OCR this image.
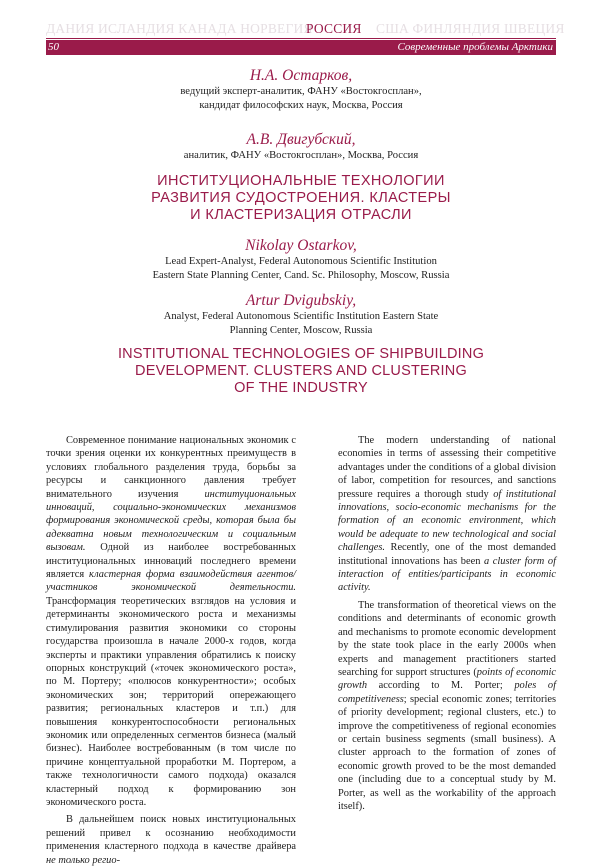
ДАНИЯ ИСЛАНДИЯ КАНАДА НОРВЕГИЯ
РОССИЯ США ФИНЛЯНДИЯ ШВЕЦИЯ
50	Современные проблемы Арктики
Н.А. Остарков,
ведущий эксперт-аналитик, ФАНУ «Востокгосплан»,
кандидат философских наук, Москва, Россия
А.В. Двигубский,
аналитик, ФАНУ «Востокгосплан», Москва, Россия
ИНСТИТУЦИОНАЛЬНЫЕ ТЕХНОЛОГИИ
РАЗВИТИЯ СУДОСТРОЕНИЯ. КЛАСТЕРЫ
И КЛАСТЕРИЗАЦИЯ ОТРАСЛИ
Nikolay Ostarkov,
Lead Expert-Analyst, Federal Autonomous Scientific Institution
Eastern State Planning Center, Cand. Sc. Philosophy, Moscow, Russia
Artur Dvigubskiy,
Analyst, Federal Autonomous Scientific Institution Eastern State
Planning Center, Moscow, Russia
INSTITUTIONAL TECHNOLOGIES OF SHIPBUILDING
DEVELOPMENT. CLUSTERS AND CLUSTERING
OF THE INDUSTRY

Современное понимание национальных экономик с точки зрения оценки их конкурентных преимуществ в условиях глобального разделения труда, борьбы за ресурсы и санкционного давления требует внимательного изучения институциональных инноваций, социально-экономических механизмов формирования экономической среды, которая была бы адекватна новым технологическим и социальным вызовам. Одной из наиболее востребованных институциональных инноваций последнего времени является кластерная форма взаимодействия агентов/участников экономической деятельности. Трансформация теоретических взглядов на условия и детерминанты экономического роста и механизмы стимулирования развития экономики со стороны государства произошла в начале 2000-х годов, когда эксперты и практики управления обратились к поиску опорных конструкций («точек экономического роста», по М. Портеру; «полюсов конкурентности»; особых экономических зон; территорий опережающего развития; региональных кластеров и т.п.) для повышения конкурентоспособности региональных экономик или определенных сегментов бизнеса (малый бизнес). Наиболее востребованным (в том числе по причине концептуальной проработки М. Портером, а также технологичности самого подхода) оказался кластерный подход к формированию зон экономического роста.

В дальнейшем поиск новых институциональных решений привел к осознанию необходимости применения кластерного подхода в качестве драйвера не только регио-

The modern understanding of national economies in terms of assessing their competitive advantages under the conditions of a global division of labor, competition for resources, and sanctions pressure requires a thorough study of institutional innovations, socio-economic mechanisms for the formation of an economic environment, which would be adequate to new technological and social challenges. Recently, one of the most demanded institutional innovations has been a cluster form of interaction of entities/participants in economic activity.

The transformation of theoretical views on the conditions and determinants of economic growth and mechanisms to promote economic development by the state took place in the early 2000s when experts and management practitioners started searching for support structures (points of economic growth according to M. Porter; poles of competitiveness; special economic zones; territories of priority development; regional clusters, etc.) to improve the competitiveness of regional economies or certain business segments (small business). A cluster approach to the formation of zones of economic growth proved to be the most demanded one (including due to a conceptual study by M. Porter, as well as the workability of the approach itself).
